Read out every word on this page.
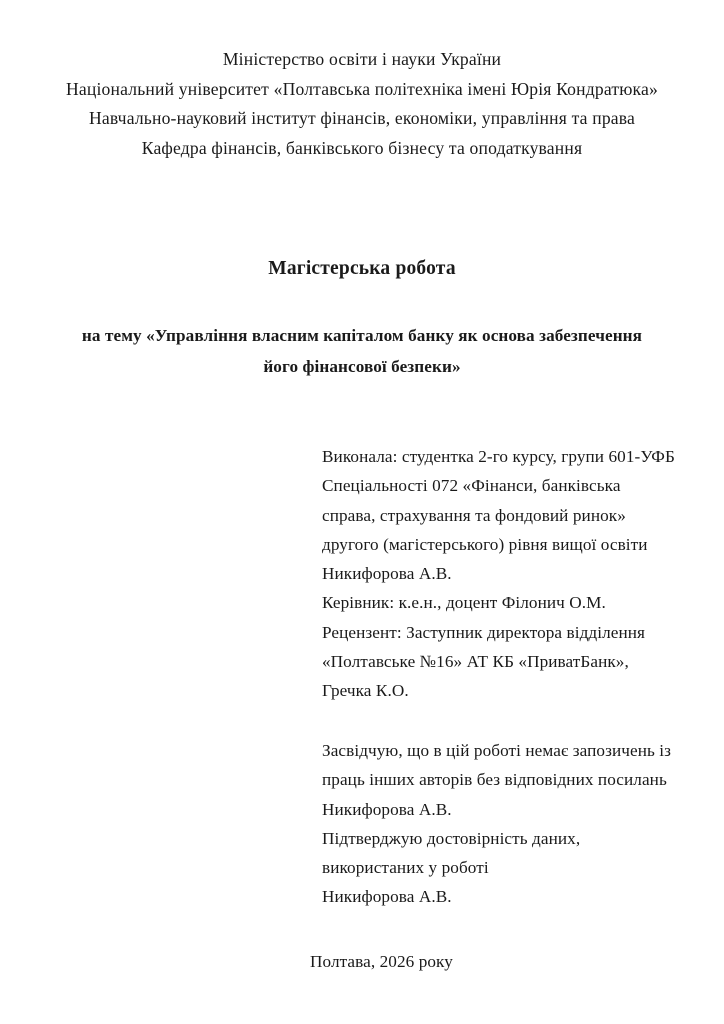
Міністерство освіти і науки України
Національний університет «Полтавська політехніка імені Юрія Кондратюка»
Навчально-науковий інститут фінансів, економіки, управління та права
Кафедра фінансів, банківського бізнесу та оподаткування
Магістерська робота
на тему «Управління власним капіталом банку як основа забезпечення
його фінансової безпеки»
Виконала: студентка 2-го курсу, групи 601-УФБ
Спеціальності 072 «Фінанси, банківська
справа, страхування та фондовий ринок»
другого (магістерського) рівня вищої освіти
Никифорова А.В.
Керівник: к.е.н., доцент Філонич О.М.
Рецензент: Заступник директора відділення
«Полтавське №16» АТ КБ «ПриватБанк»,
Гречка К.О.
Засвідчую, що в цій роботі немає запозичень із
праць інших авторів без відповідних посилань
Никифорова А.В.
Підтверджую достовірність даних,
використаних у роботі
Никифорова А.В.
Полтава, 2026 року
